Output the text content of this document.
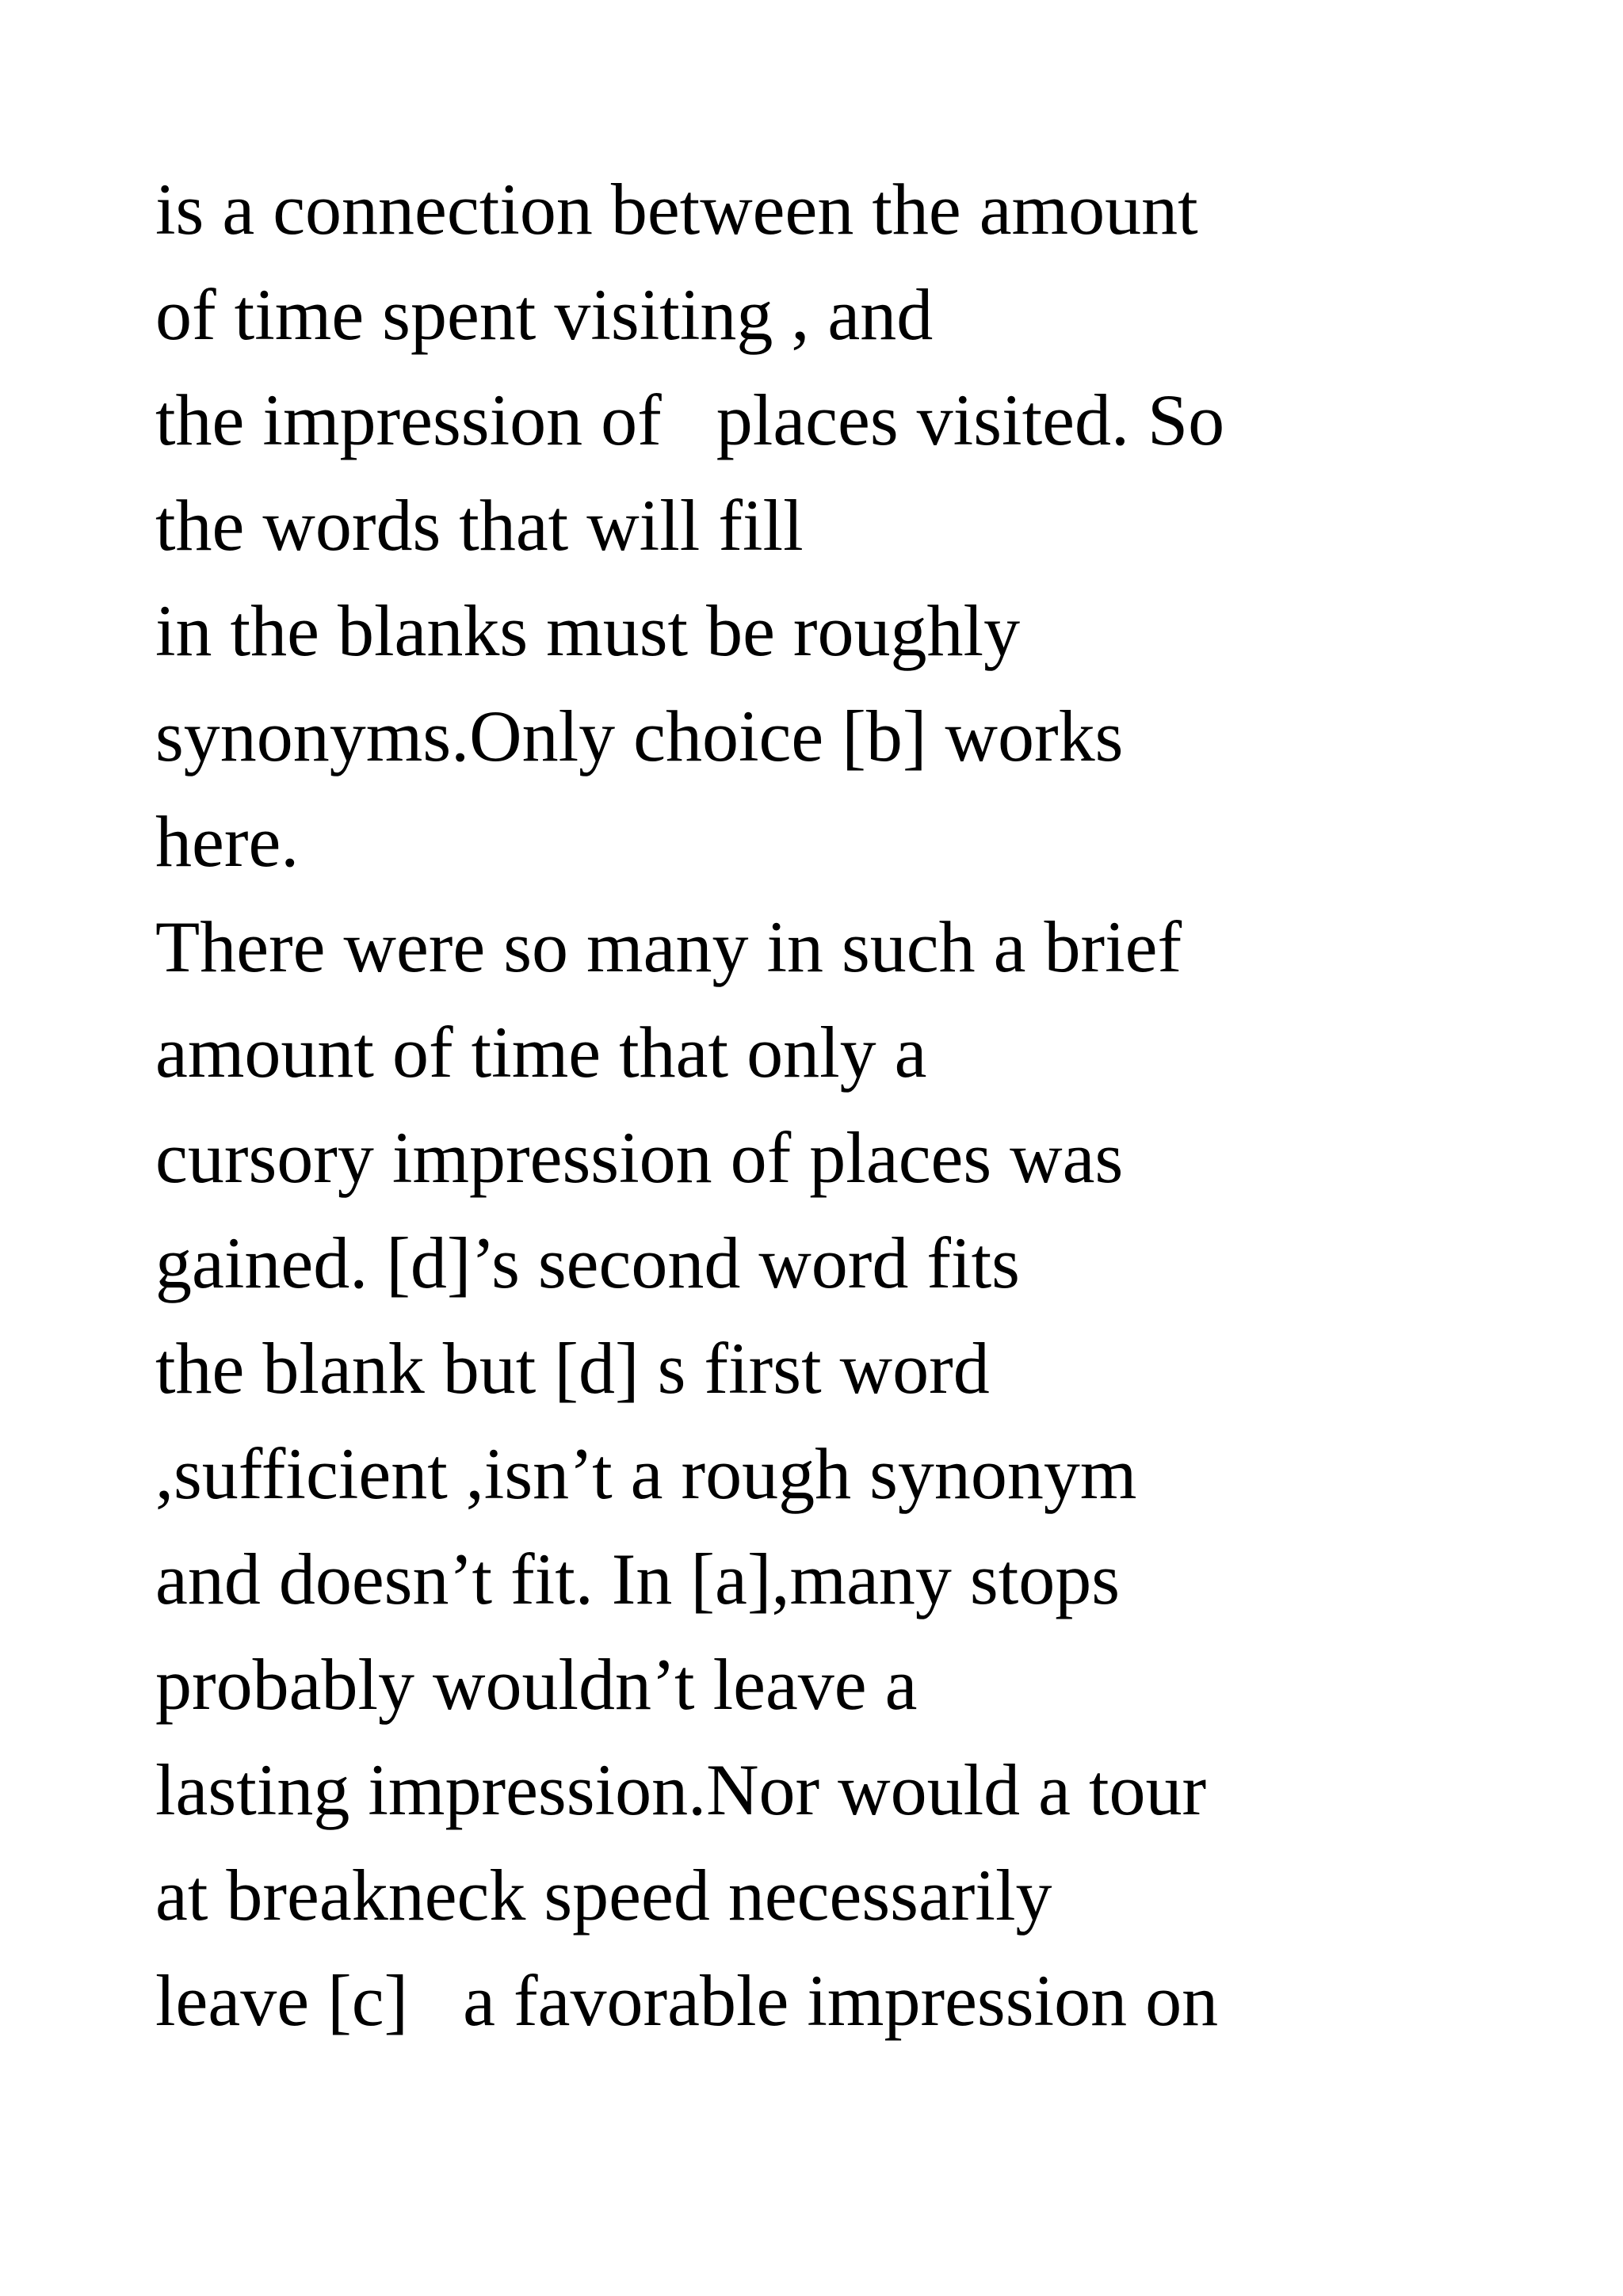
is a connection between the amount
of time spent visiting , and
the impression of   places visited. So
the words that will fill
in the blanks must be roughly
synonyms.Only choice [b] works
here.
There were so many in such a brief
amount of time that only a
cursory impression of places was
gained. [d]’s second word fits
the blank but [d] s first word
,sufficient ,isn’t a rough synonym
and doesn’t fit. In [a],many stops
probably wouldn’t leave a
lasting impression.Nor would a tour
at breakneck speed necessarily
leave [c]   a favorable impression on
